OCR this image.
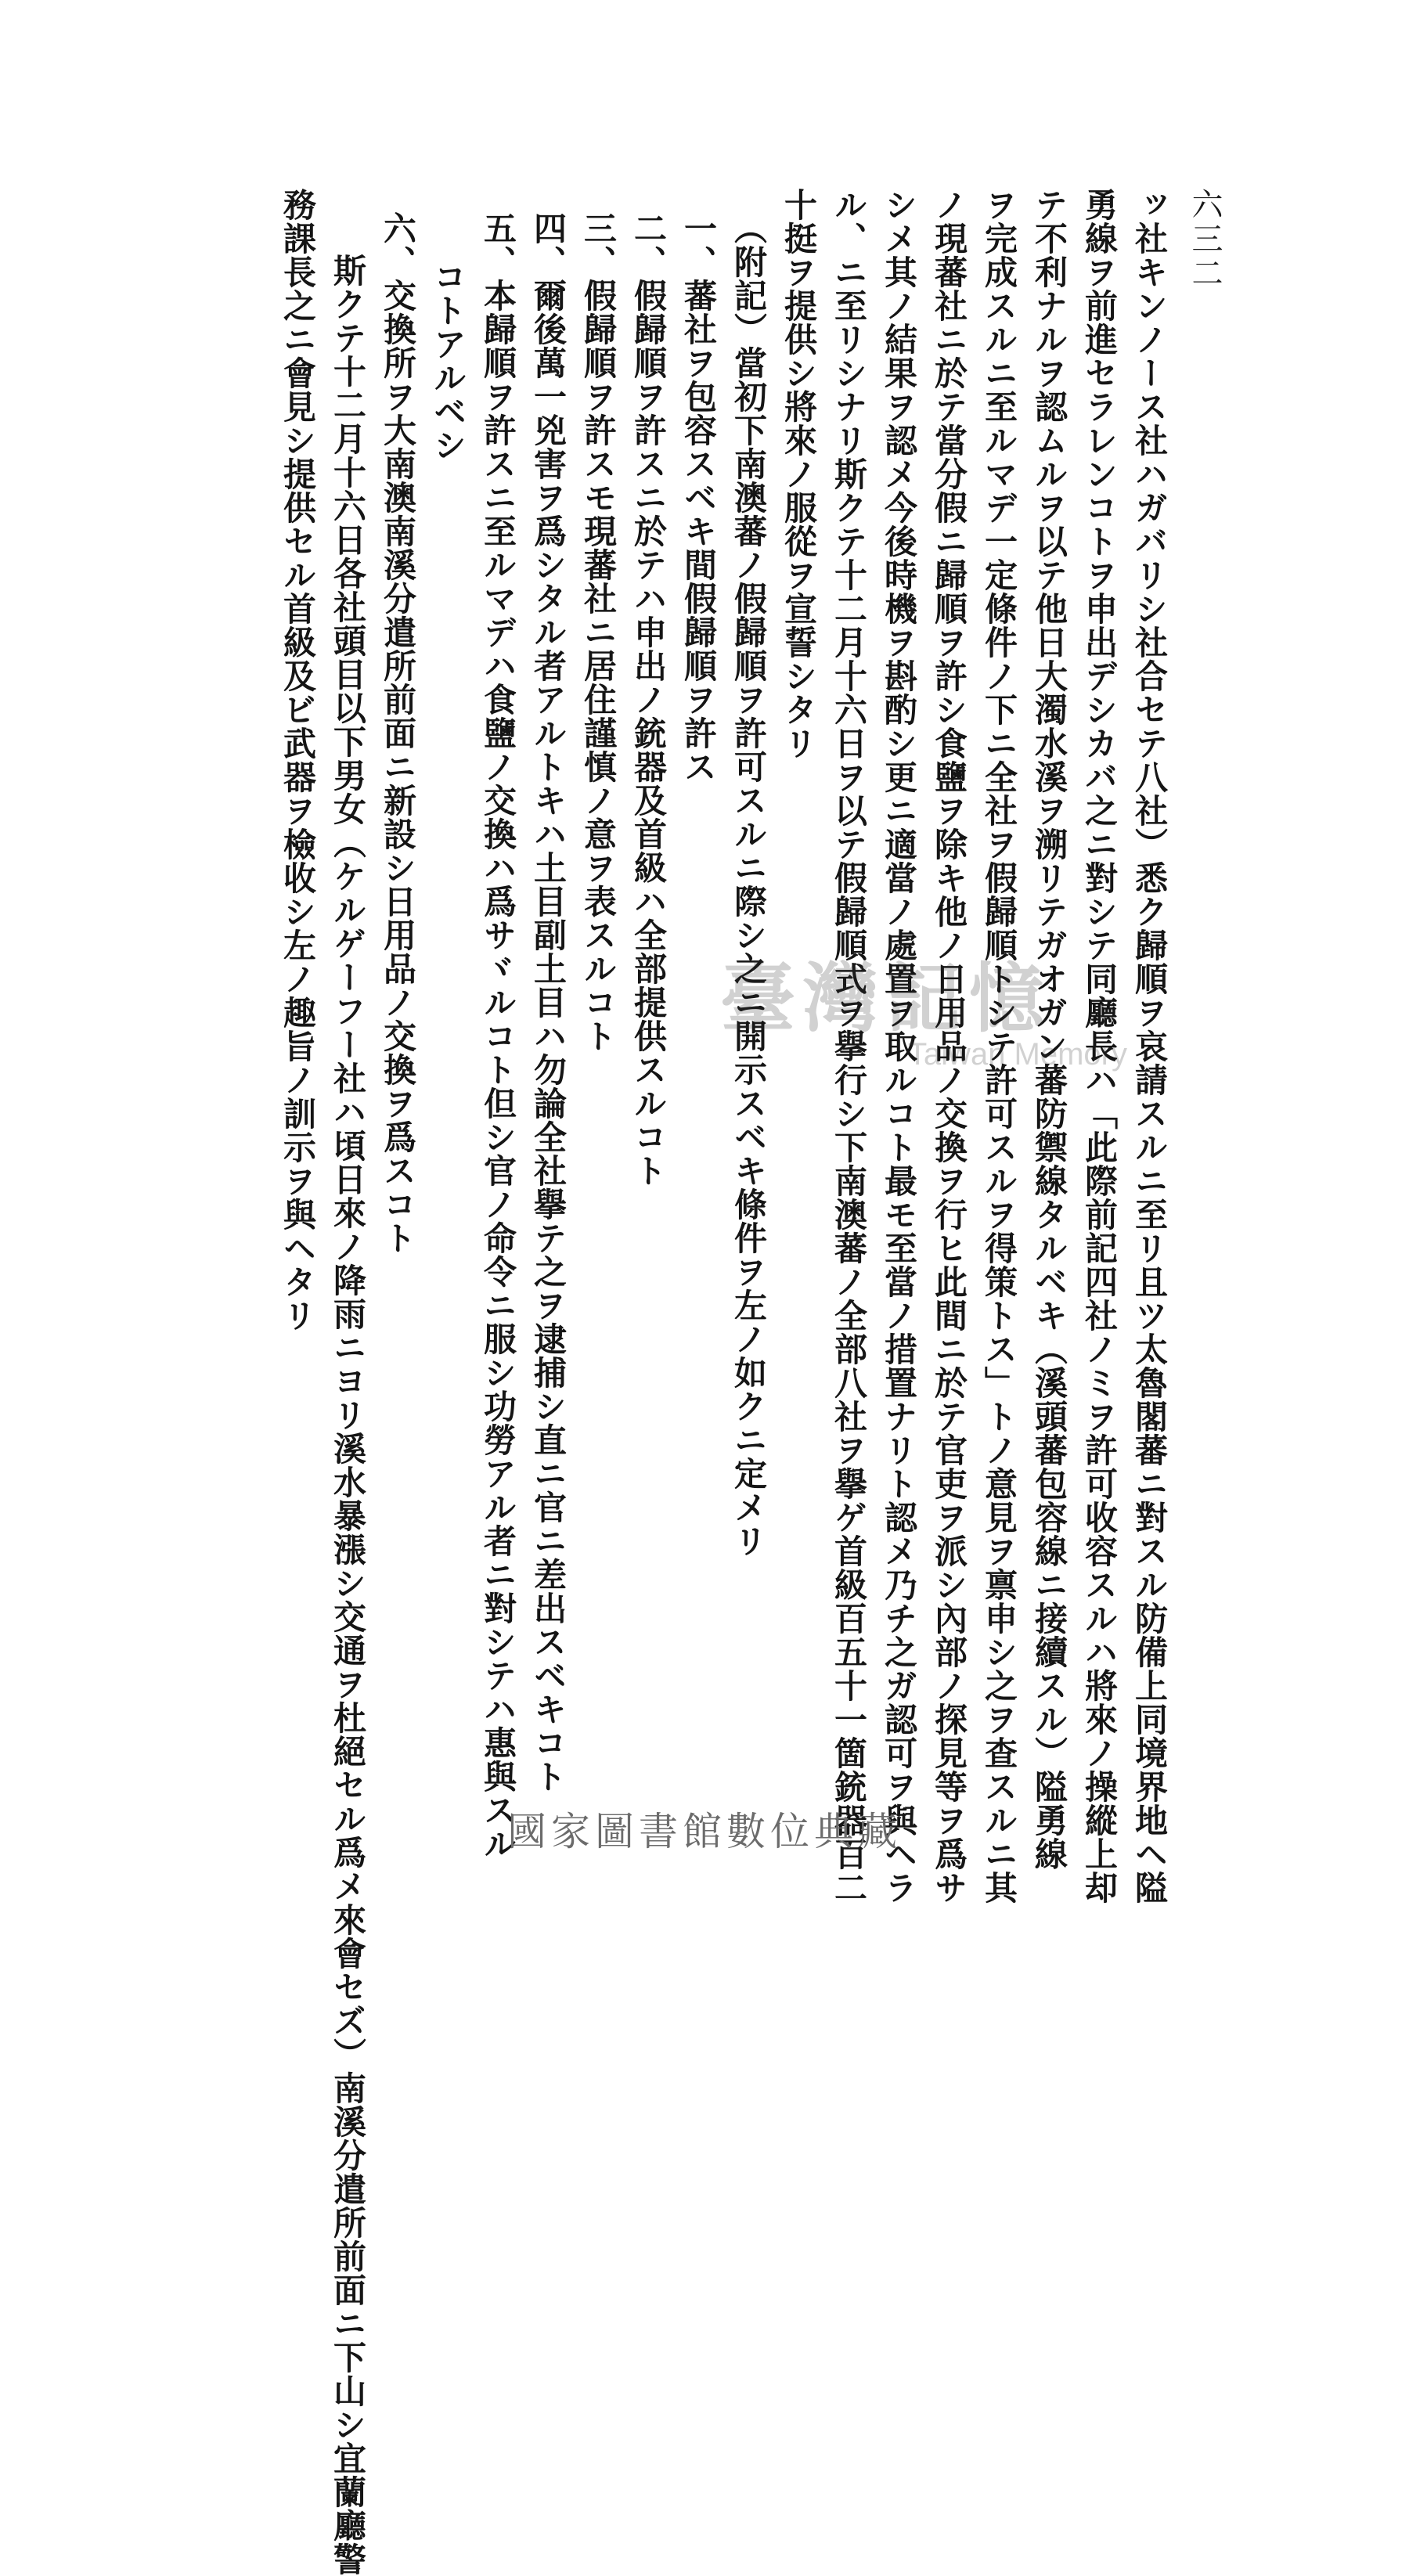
六三二
ッ社キンノース社ハガバリシ社合セテ八社）悉ク歸順ヲ哀請スルニ至リ且ツ太魯閣蕃ニ對スル防備上同境界地ヘ隘
勇線ヲ前進セラレンコトヲ申出デシカバ之ニ對シテ同廳長ハ「此際前記四社ノミヲ許可收容スルハ將來ノ操縱上却
テ不利ナルヲ認ムルヲ以テ他日大濁水溪ヲ溯リテガオガン蕃防禦線タルベキ（溪頭蕃包容線ニ接續スル）隘勇線
ヲ完成スルニ至ルマデ一定條件ノ下ニ全社ヲ假歸順トシテ許可スルヲ得策トス」トノ意見ヲ禀申シ之ヲ查スルニ其
ノ現蕃社ニ於テ當分假ニ歸順ヲ許シ食鹽ヲ除キ他ノ日用品ノ交換ヲ行ヒ此間ニ於テ官吏ヲ派シ內部ノ探見等ヲ爲サ
シメ其ノ結果ヲ認メ今後時機ヲ斟酌シ更ニ適當ノ處置ヲ取ルコト最モ至當ノ措置ナリト認メ乃チ之ガ認可ヲ與ヘラ
ル、ニ至リシナリ斯クテ十二月十六日ヲ以テ假歸順式ヲ擧行シ下南澳蕃ノ全部八社ヲ擧ゲ首級百五十一箇銃器百二
十挺ヲ提供シ將來ノ服從ヲ宣誓シタリ
（附記）當初下南澳蕃ノ假歸順ヲ許可スルニ際シ之ニ開示スベキ條件ヲ左ノ如クニ定メリ
一、蕃社ヲ包容スベキ間假歸順ヲ許ス
二、假歸順ヲ許スニ於テハ申出ノ銃器及首級ハ全部提供スルコト
三、假歸順ヲ許スモ現蕃社ニ居住謹慎ノ意ヲ表スルコト
四、爾後萬一兇害ヲ爲シタル者アルトキハ土目副土目ハ勿論全社擧テ之ヲ逮捕シ直ニ官ニ差出スベキコト
五、本歸順ヲ許スニ至ルマデハ食鹽ノ交換ハ爲サヾルコト但シ官ノ命令ニ服シ功勞アル者ニ對シテハ惠與スル
コトアルベシ
六、交換所ヲ大南澳南溪分遣所前面ニ新設シ日用品ノ交換ヲ爲スコト
斯クテ十二月十六日各社頭目以下男女（ケルゲーフー社ハ頃日來ノ降雨ニヨリ溪水暴漲シ交通ヲ杜絕セル爲メ來會セズ）南溪分遣所前面ニ下山シ宜蘭廳警
務課長之ニ會見シ提供セル首級及ビ武器ヲ檢收シ左ノ趣旨ノ訓示ヲ與ヘタリ	臺灣記憶
Taiwan Memory
國家圖書館數位典藏
